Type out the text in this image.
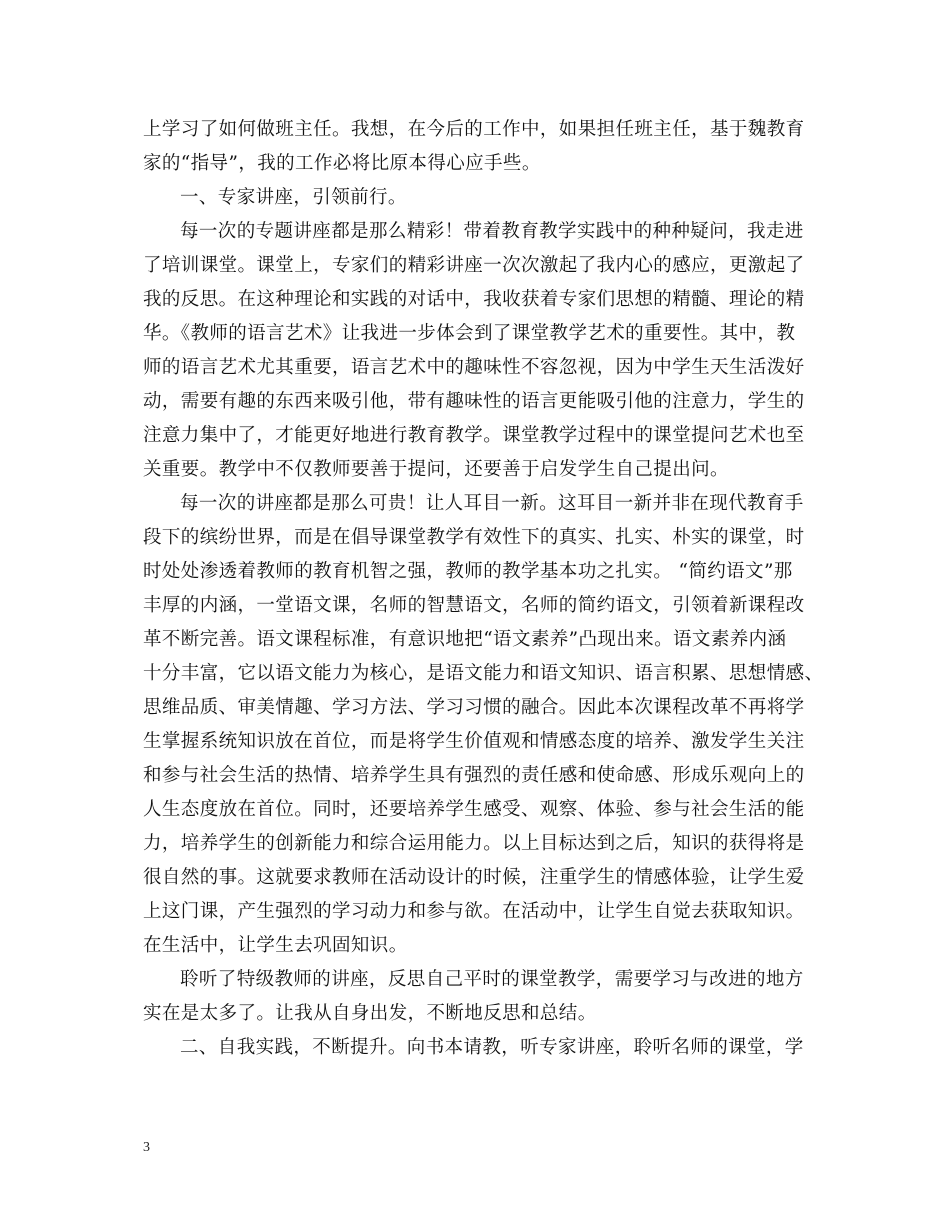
上学习了如何做班主任。我想，在今后的工作中，如果担任班主任，基于魏教育
家的“指导”，我的工作必将比原本得心应手些。
一、专家讲座，引领前行。
每一次的专题讲座都是那么精彩！带着教育教学实践中的种种疑问，我走进
了培训课堂。课堂上，专家们的精彩讲座一次次激起了我内心的感应，更激起了
我的反思。在这种理论和实践的对话中，我收获着专家们思想的精髓、理论的精
华。《教师的语言艺术》让我进一步体会到了课堂教学艺术的重要性。其中，教
师的语言艺术尤其重要，语言艺术中的趣味性不容忽视，因为中学生天生活泼好
动，需要有趣的东西来吸引他，带有趣味性的语言更能吸引他的注意力，学生的
注意力集中了，才能更好地进行教育教学。课堂教学过程中的课堂提问艺术也至
关重要。教学中不仅教师要善于提问，还要善于启发学生自己提出问。
每一次的讲座都是那么可贵！让人耳目一新。这耳目一新并非在现代教育手
段下的缤纷世界，而是在倡导课堂教学有效性下的真实、扎实、朴实的课堂，时
时处处渗透着教师的教育机智之强，教师的教学基本功之扎实。 “简约语文”那
丰厚的内涵，一堂语文课，名师的智慧语文，名师的简约语文，引领着新课程改
革不断完善。语文课程标准，有意识地把“语文素养”凸现出来。语文素养内涵
十分丰富，它以语文能力为核心，是语文能力和语文知识、语言积累、思想情感、
思维品质、审美情趣、学习方法、学习习惯的融合。因此本次课程改革不再将学
生掌握系统知识放在首位，而是将学生价值观和情感态度的培养、激发学生关注
和参与社会生活的热情、培养学生具有强烈的责任感和使命感、形成乐观向上的
人生态度放在首位。同时，还要培养学生感受、观察、体验、参与社会生活的能
力，培养学生的创新能力和综合运用能力。以上目标达到之后，知识的获得将是
很自然的事。这就要求教师在活动设计的时候，注重学生的情感体验，让学生爱
上这门课，产生强烈的学习动力和参与欲。在活动中，让学生自觉去获取知识。
在生活中，让学生去巩固知识。
聆听了特级教师的讲座，反思自己平时的课堂教学，需要学习与改进的地方
实在是太多了。让我从自身出发，不断地反思和总结。
二、自我实践，不断提升。向书本请教，听专家讲座，聆听名师的课堂，学
3
